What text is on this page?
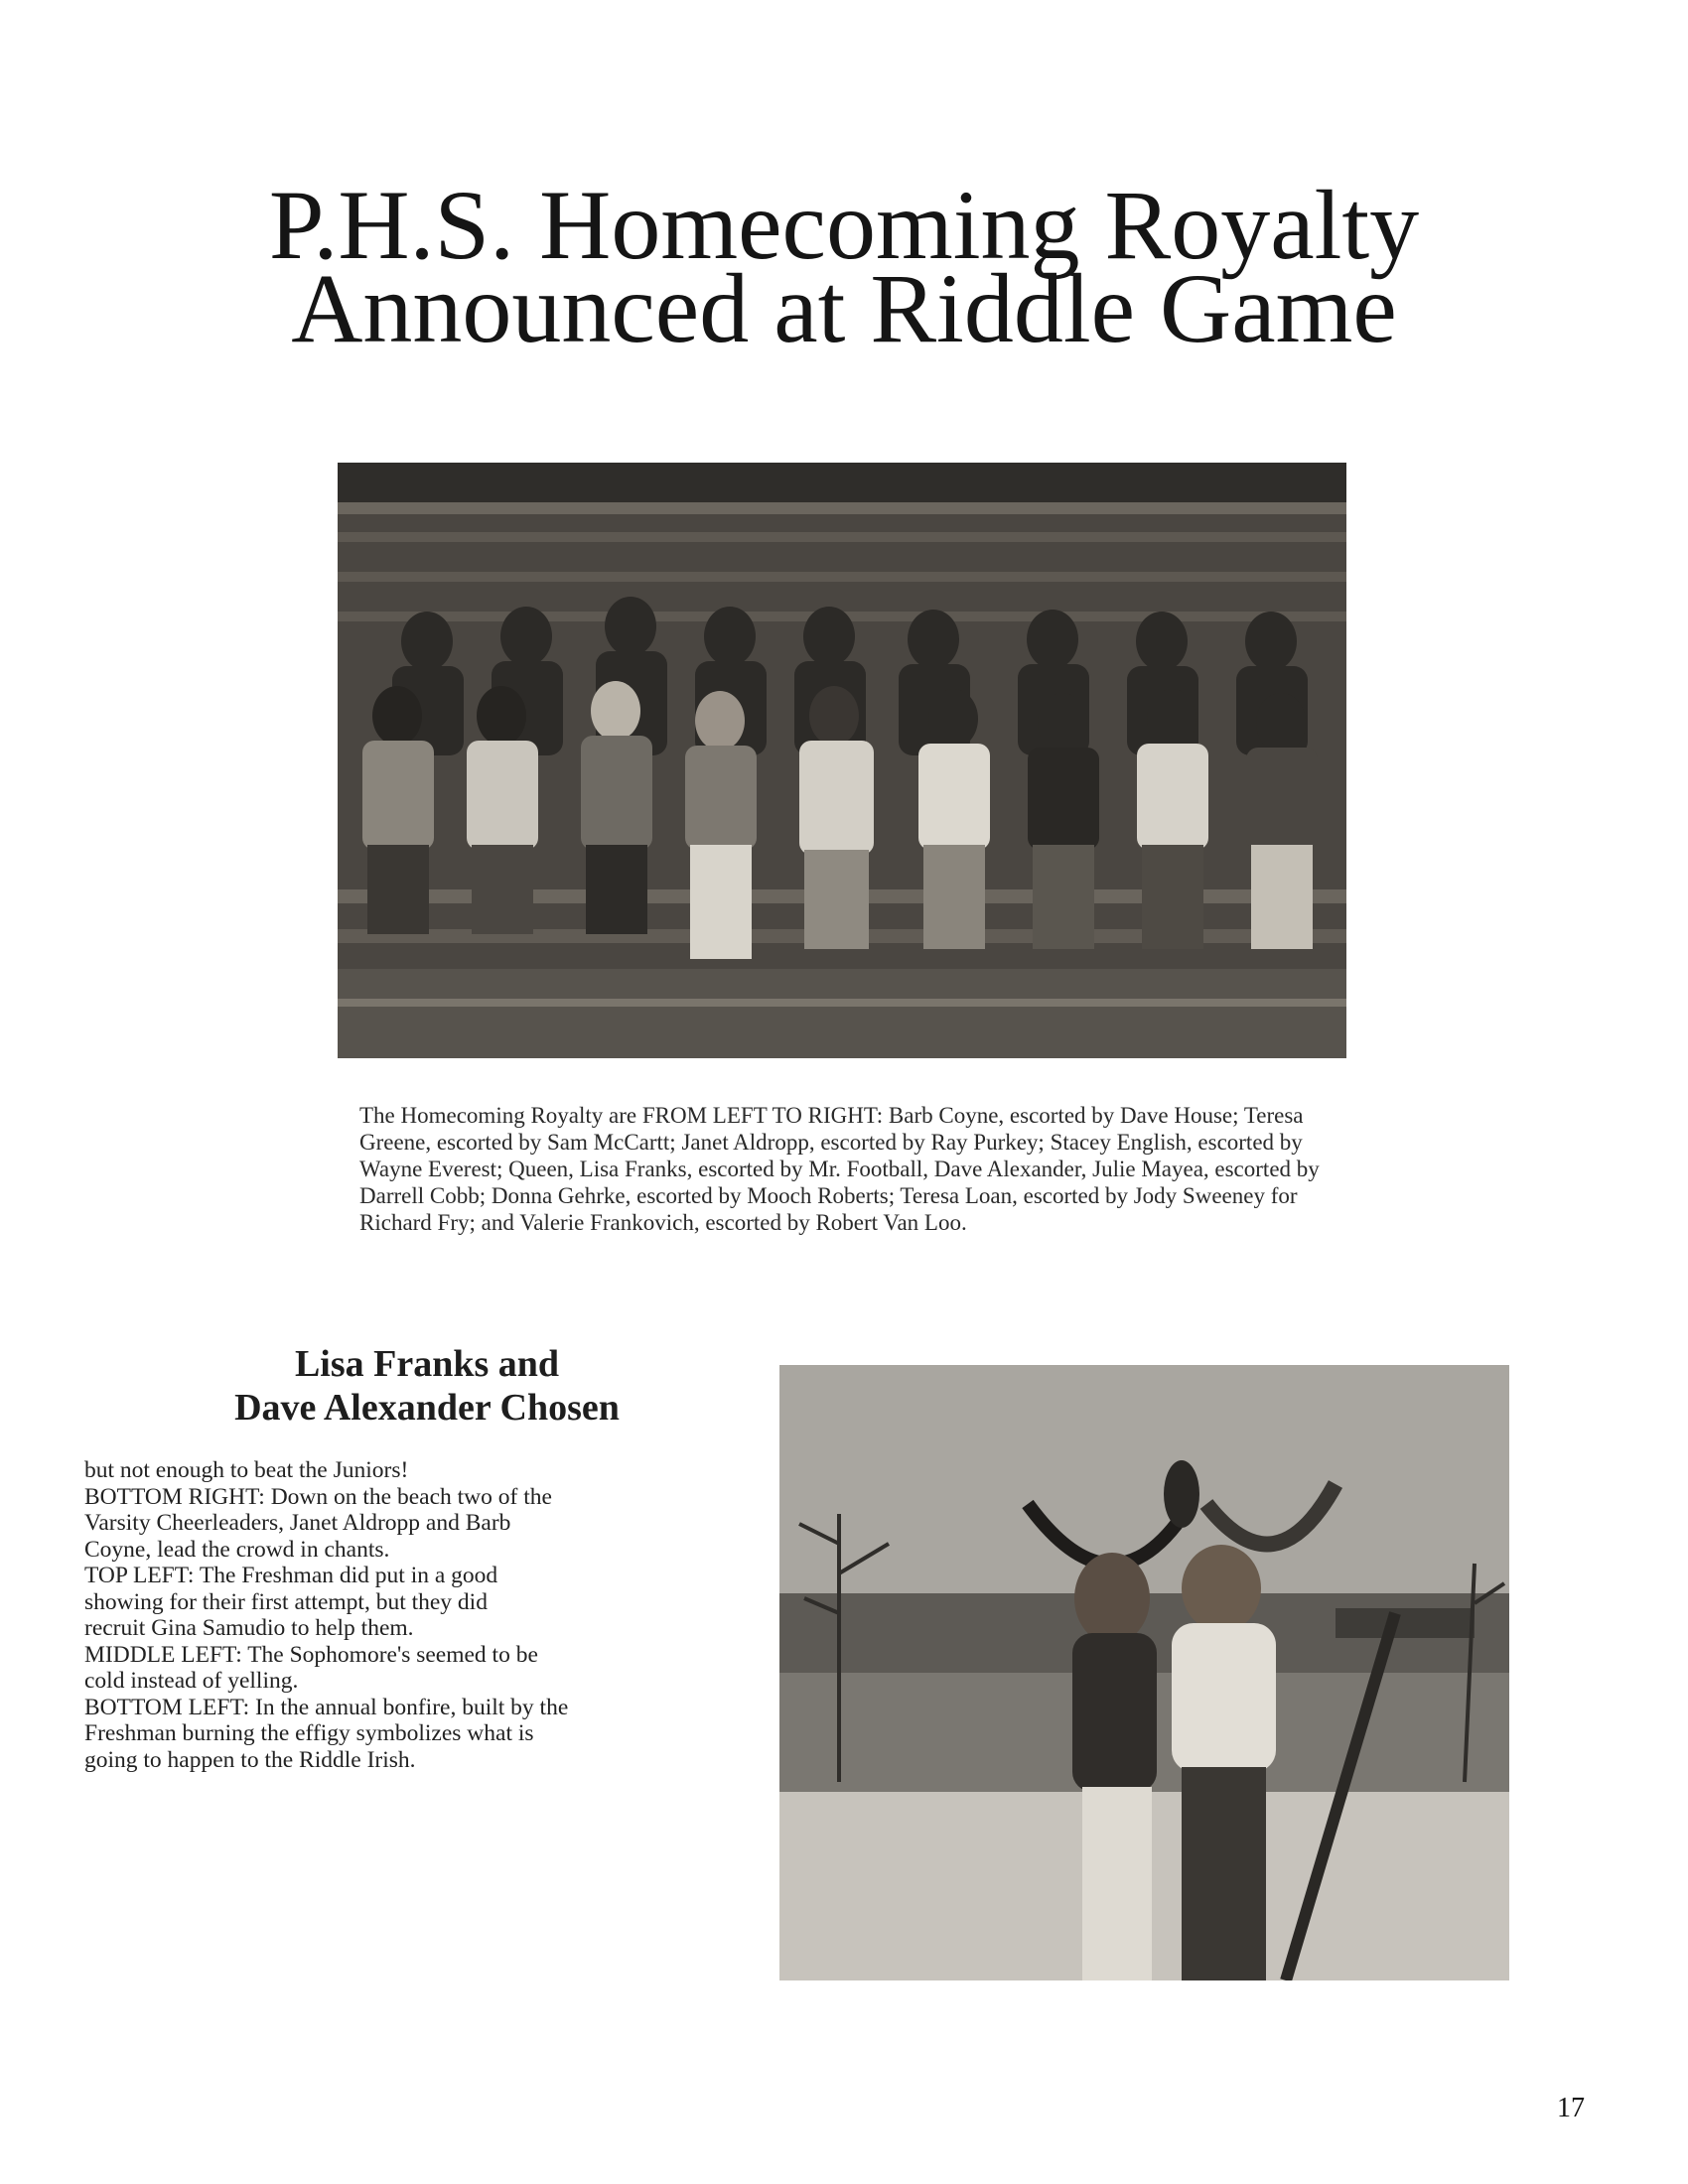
P.H.S. Homecoming Royalty
Announced at Riddle Game

The Homecoming Royalty are FROM LEFT TO RIGHT: Barb Coyne, escorted by Dave House; Teresa Greene, escorted by Sam McCartt; Janet Aldropp, escorted by Ray Purkey; Stacey English, escorted by Wayne Everest; Queen, Lisa Franks, escorted by Mr. Football, Dave Alexander, Julie Mayea, escorted by Darrell Cobb; Donna Gehrke, escorted by Mooch Roberts; Teresa Loan, escorted by Jody Sweeney for Richard Fry; and Valerie Frankovich, escorted by Robert Van Loo.

Lisa Franks and
Dave Alexander Chosen
but not enough to beat the Juniors!
BOTTOM RIGHT: Down on the beach two of the
Varsity Cheerleaders, Janet Aldropp and Barb
Coyne, lead the crowd in chants.
TOP LEFT: The Freshman did put in a good
showing for their first attempt, but they did
recruit Gina Samudio to help them.
MIDDLE LEFT: The Sophomore's seemed to be
cold instead of yelling.
BOTTOM LEFT: In the annual bonfire, built by the
Freshman burning the effigy symbolizes what is
going to happen to the Riddle Irish.
17
